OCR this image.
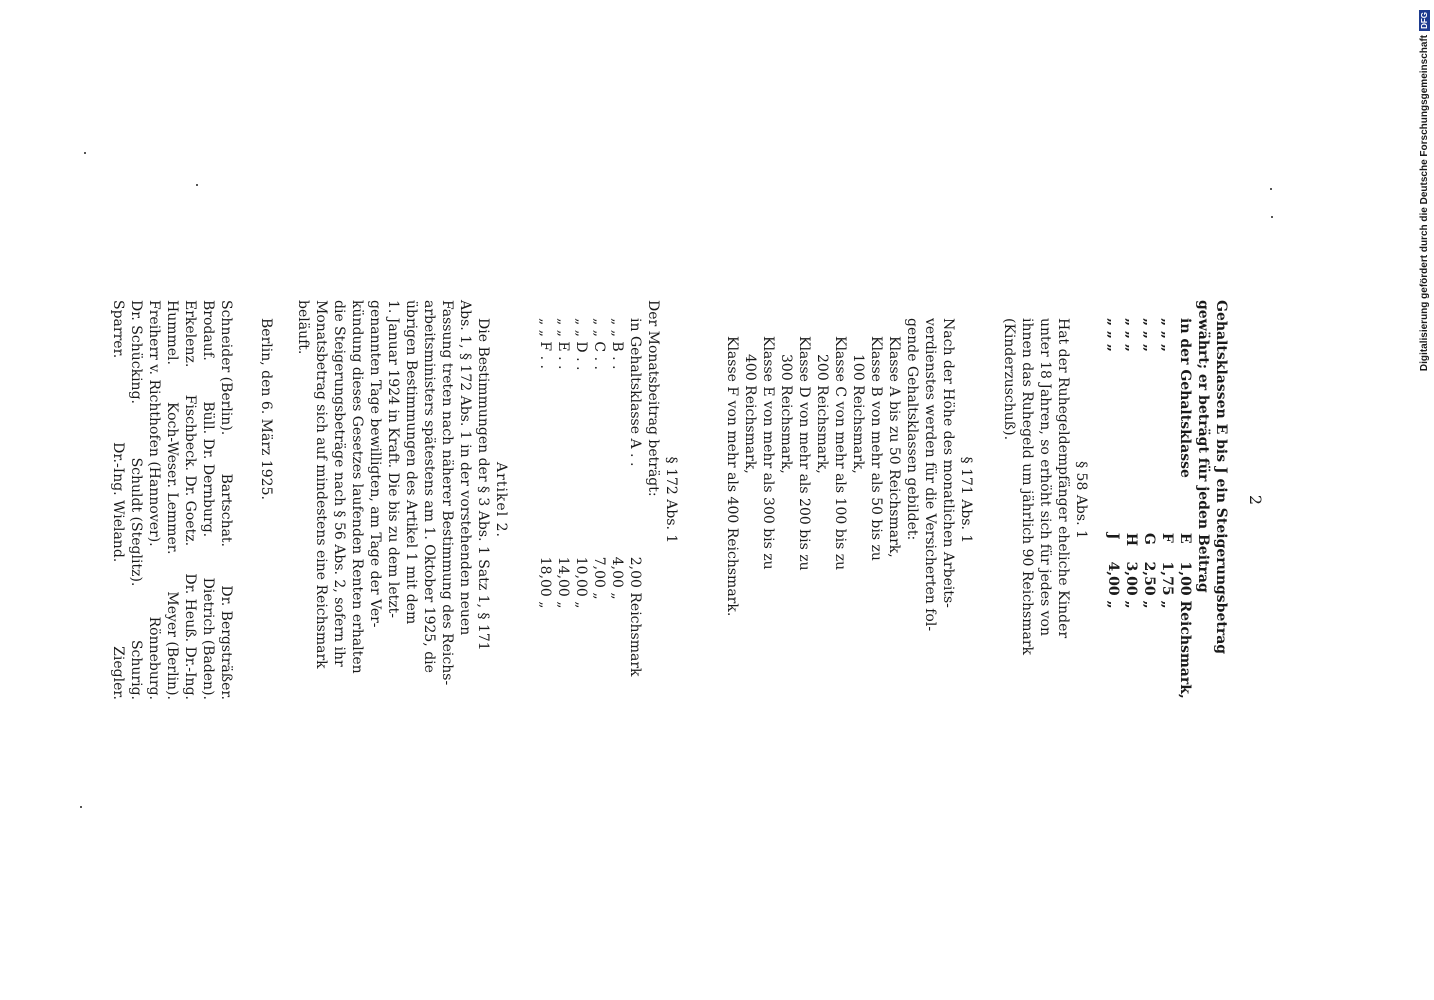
Digitalisierung gefördert durch die Deutsche Forschungsgemeinschaft
DFG
2
Gehaltsklassen E bis J ein Steigerungsbetrag
gewährt; er beträgt für jeden Beitrag
in der Gehaltsklasse
E
1,00 Reichsmark,
„ „ „
F
1,75 „
„ „ „
G
2,50 „
„ „ „
H
3,00 „
„ „ „
J
4,00 „
§ 58 Abs. 1
Hat der Ruhegeldempfänger eheliche Kinder
unter 18 Jahren, so erhöht sich für jedes von
ihnen das Ruhegeld um jährlich 90 Reichsmark
(Kinderzuschuß).
§ 171 Abs. 1
Nach der Höhe des monatlichen Arbeits-
verdienstes werden für die Versicherten fol-
gende Gehaltsklassen gebildet:
Klasse A bis zu 50 Reichsmark,
Klasse B von mehr als 50 bis zu
100 Reichsmark,
Klasse C von mehr als 100 bis zu
200 Reichsmark,
Klasse D von mehr als 200 bis zu
300 Reichsmark,
Klasse E von mehr als 300 bis zu
400 Reichsmark,
Klasse F von mehr als 400 Reichsmark.
§ 172 Abs. 1
Der Monatsbeitrag beträgt:
in Gehaltsklasse A . .
2,00 Reichsmark
„ „ B . .
4,00 „
„ „ C . .
7,00 „
„ „ D . .
10,00 „
„ „ E . .
14,00 „
„ „ F . .
18,00 „
Artikel 2.
Die Bestimmungen der § 3 Abs. 1 Satz 1, § 171
Abs. 1, § 172 Abs. 1 in der vorstehenden neuen
Fassung treten nach näherer Bestimmung des Reichs-
arbeitsministers spätestens am 1. Oktober 1925, die
übrigen Bestimmungen des Artikel 1 mit dem
1. Januar 1924 in Kraft. Die bis zu dem letzt-
genannten Tage bewilligten, am Tage der Ver-
kündung dieses Gesetzes laufenden Renten erhalten
die Steigerungsbeträge nach § 56 Abs. 2, sofern ihr
Monatsbetrag sich auf mindestens eine Reichsmark
beläuft.
Berlin, den 6. März 1925.
Schneider (Berlin).
Bartschat.
Dr. Bergsträßer.
Brodauf.
Büll. Dr. Dernburg.
Dietrich (Baden).
Erkelenz.
Fischbeck. Dr. Goetz.
Dr. Heuß. Dr.-Ing.
Hummel.
Koch-Weser. Lemmer.
Meyer (Berlin).
Freiherr v. Richthofen (Hannover).
Rönneburg.
Dr. Schücking.
Schuldt (Steglitz).
Schurig.
Sparrer.
Dr.-Ing. Wieland.
Ziegler.
